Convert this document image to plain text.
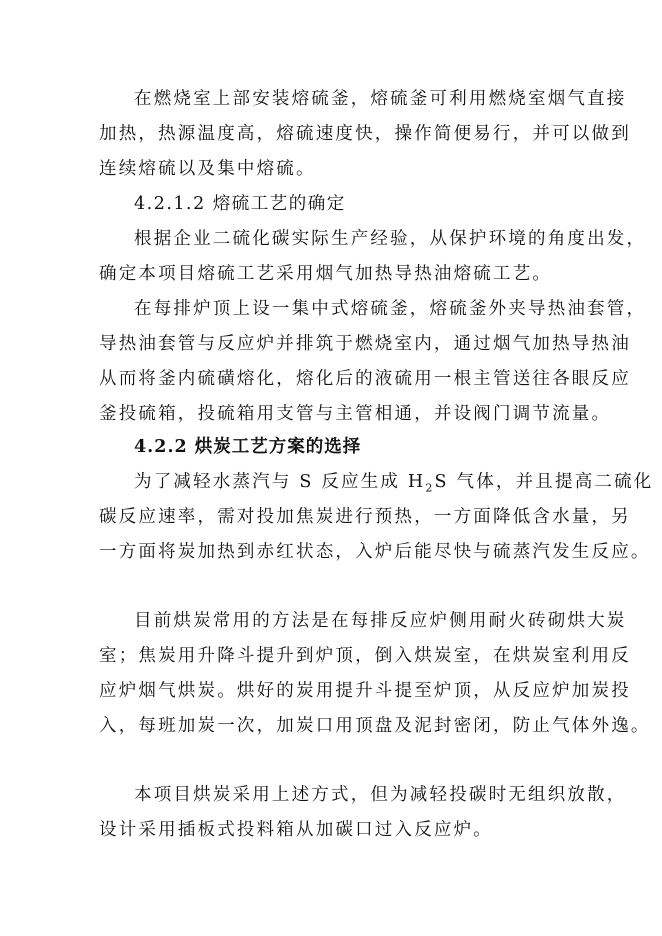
在燃烧室上部安装熔硫釜，熔硫釜可利用燃烧室烟气直接
加热，热源温度高，熔硫速度快，操作简便易行，并可以做到
连续熔硫以及集中熔硫。
4.2.1.2 熔硫工艺的确定
根据企业二硫化碳实际生产经验，从保护环境的角度出发，
确定本项目熔硫工艺采用烟气加热导热油熔硫工艺。
在每排炉顶上设一集中式熔硫釜，熔硫釜外夹导热油套管，
导热油套管与反应炉并排筑于燃烧室内，通过烟气加热导热油
从而将釜内硫磺熔化，熔化后的液硫用一根主管送往各眼反应
釜投硫箱，投硫箱用支管与主管相通，并设阀门调节流量。
4.2.2 烘炭工艺方案的选择
为了减轻水蒸汽与 S 反应生成 $H_2S$ 气体，并且提高二硫化
碳反应速率，需对投加焦炭进行预热，一方面降低含水量，另
一方面将炭加热到赤红状态，入炉后能尽快与硫蒸汽发生反应。
目前烘炭常用的方法是在每排反应炉侧用耐火砖砌烘大炭
室；焦炭用升降斗提升到炉顶，倒入烘炭室，在烘炭室利用反
应炉烟气烘炭。烘好的炭用提升斗提至炉顶，从反应炉加炭投
入，每班加炭一次，加炭口用顶盘及泥封密闭，防止气体外逸。
本项目烘炭采用上述方式，但为减轻投碳时无组织放散，
设计采用插板式投料箱从加碳口过入反应炉。
